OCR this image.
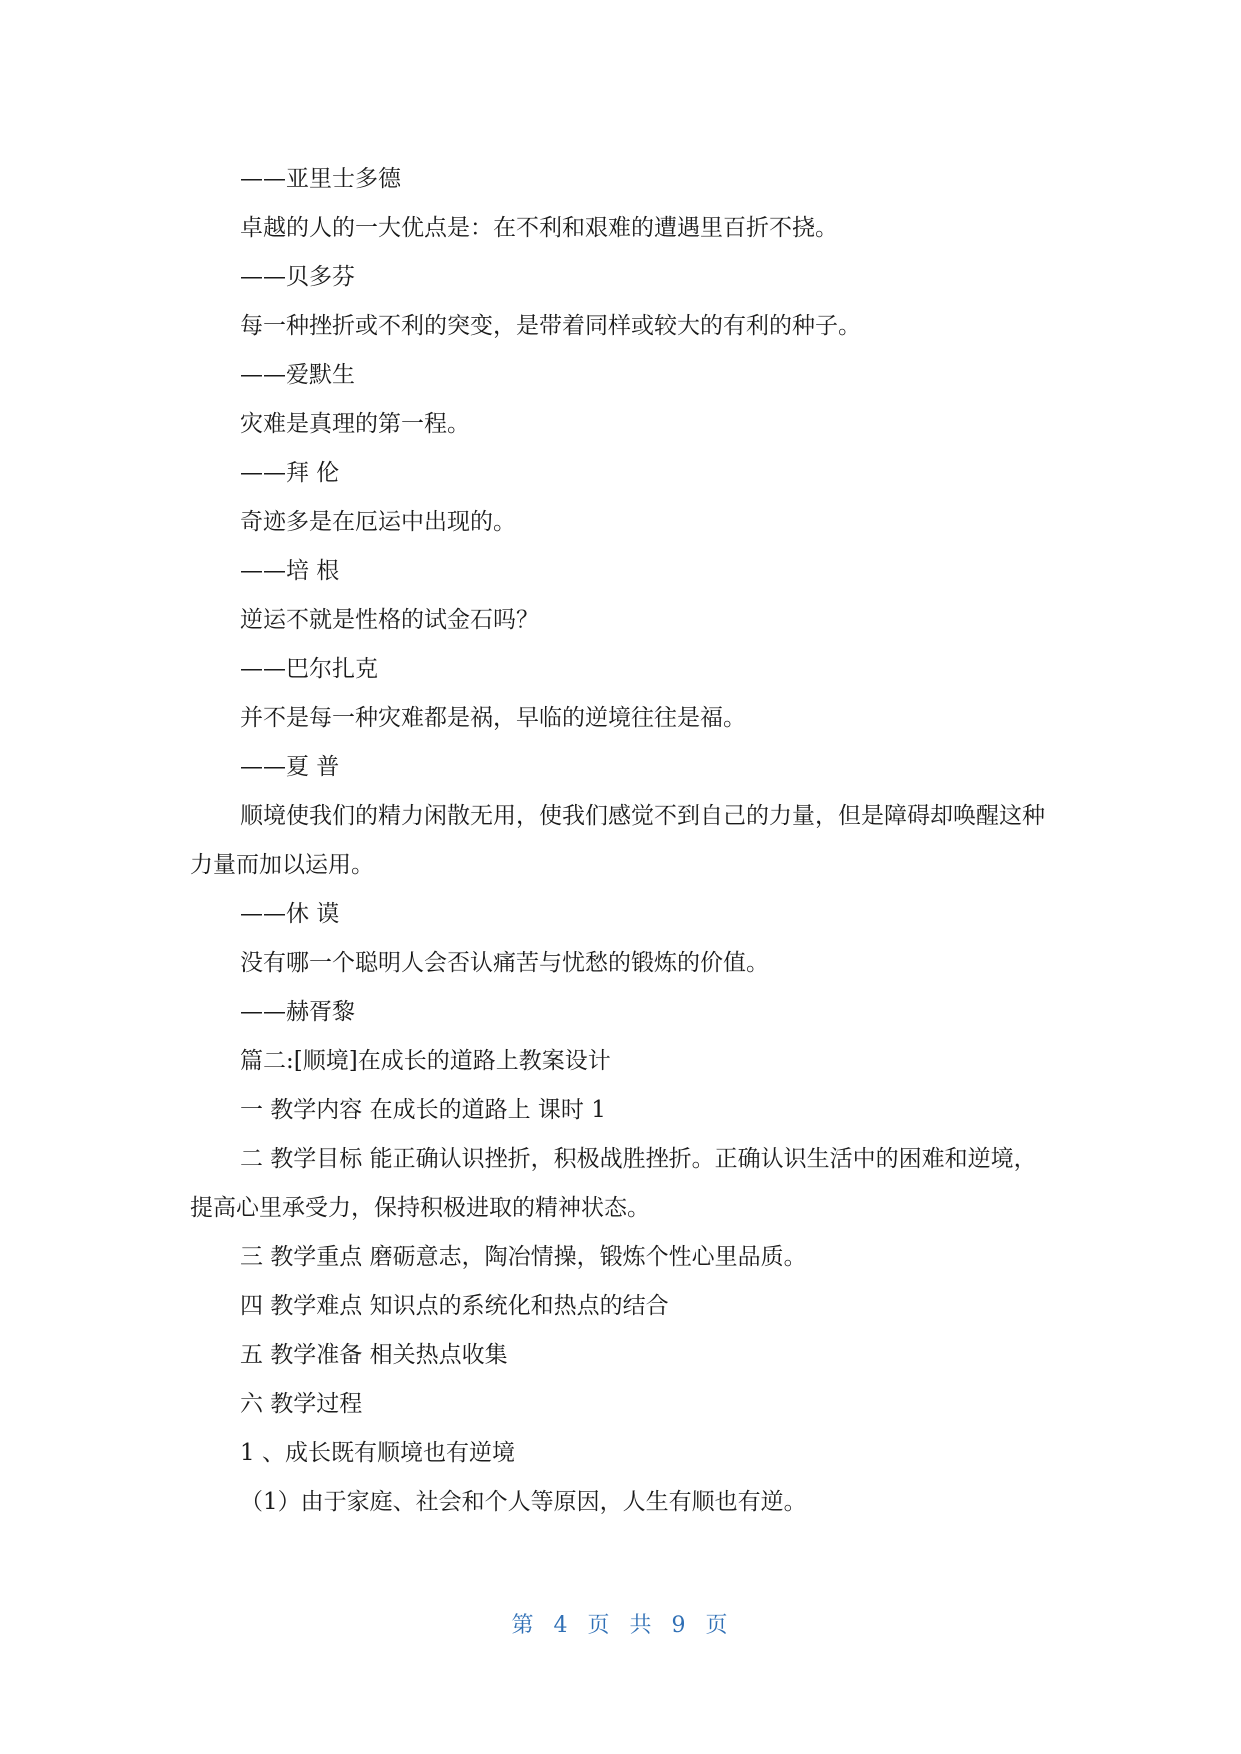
——亚里士多德
卓越的人的一大优点是：在不利和艰难的遭遇里百折不挠。
——贝多芬
每一种挫折或不利的突变，是带着同样或较大的有利的种子。
——爱默生
灾难是真理的第一程。
——拜 伦
奇迹多是在厄运中出现的。
——培 根
逆运不就是性格的试金石吗？
——巴尔扎克
并不是每一种灾难都是祸，早临的逆境往往是福。
——夏 普

顺境使我们的精力闲散无用，使我们感觉不到自己的力量，但是障碍却唤醒这种力量而加以运用。

——休 谟
没有哪一个聪明人会否认痛苦与忧愁的锻炼的价值。
——赫胥黎
篇二:[顺境]在成长的道路上教案设计
一 教学内容 在成长的道路上 课时 1

二 教学目标 能正确认识挫折，积极战胜挫折。正确认识生活中的困难和逆境，提高心里承受力，保持积极进取的精神状态。

三 教学重点 磨砺意志，陶冶情操，锻炼个性心里品质。
四 教学难点 知识点的系统化和热点的结合
五 教学准备 相关热点收集
六 教学过程
1 、成长既有顺境也有逆境
（1）由于家庭、社会和个人等原因，人生有顺也有逆。
第 4 页 共 9 页
